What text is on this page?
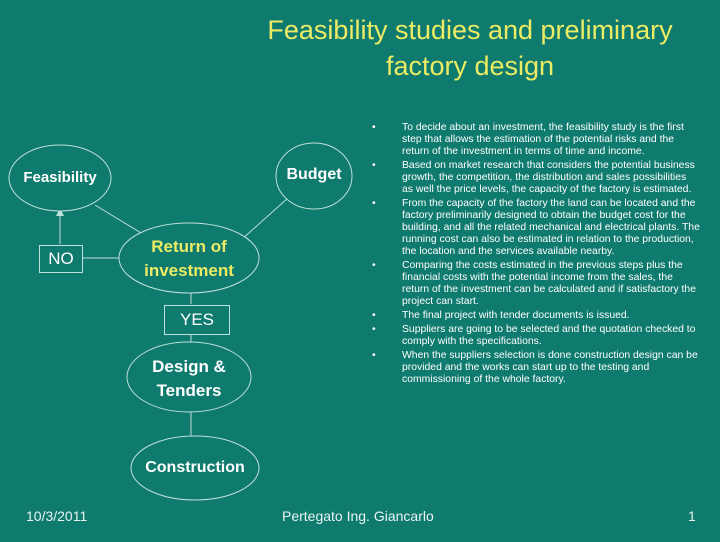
Feasibility studies and preliminary
factory design
Feasibility	Budget
Return of
investment
Design &
Tenders
Construction
NO
YES
•	To decide about an investment, the feasibility study is the first step that allows the estimation of the potential risks and the return of the investment in terms of time and income.
•	Based on market research that considers the potential business growth, the competition, the distribution and sales possibilities as well the price levels, the capacity of the factory is estimated.
•	From the capacity of the factory the land can be located and the factory preliminarily designed to obtain the budget cost for the building, and all the related mechanical and electrical plants. The running cost can also be estimated in relation to the production, the location and the services available nearby.
•	Comparing the costs estimated in the previous steps plus the financial costs with the potential income from the sales, the return of the investment can be calculated and if satisfactory the project can start.
•	The final project with tender documents is issued.
•	Suppliers are going to be selected and the quotation checked to comply with the specifications.
•	When the suppliers selection is done construction design can be provided and the works can start up to the testing and commissioning of the whole factory.
10/3/2011	Pertegato Ing. Giancarlo	1
